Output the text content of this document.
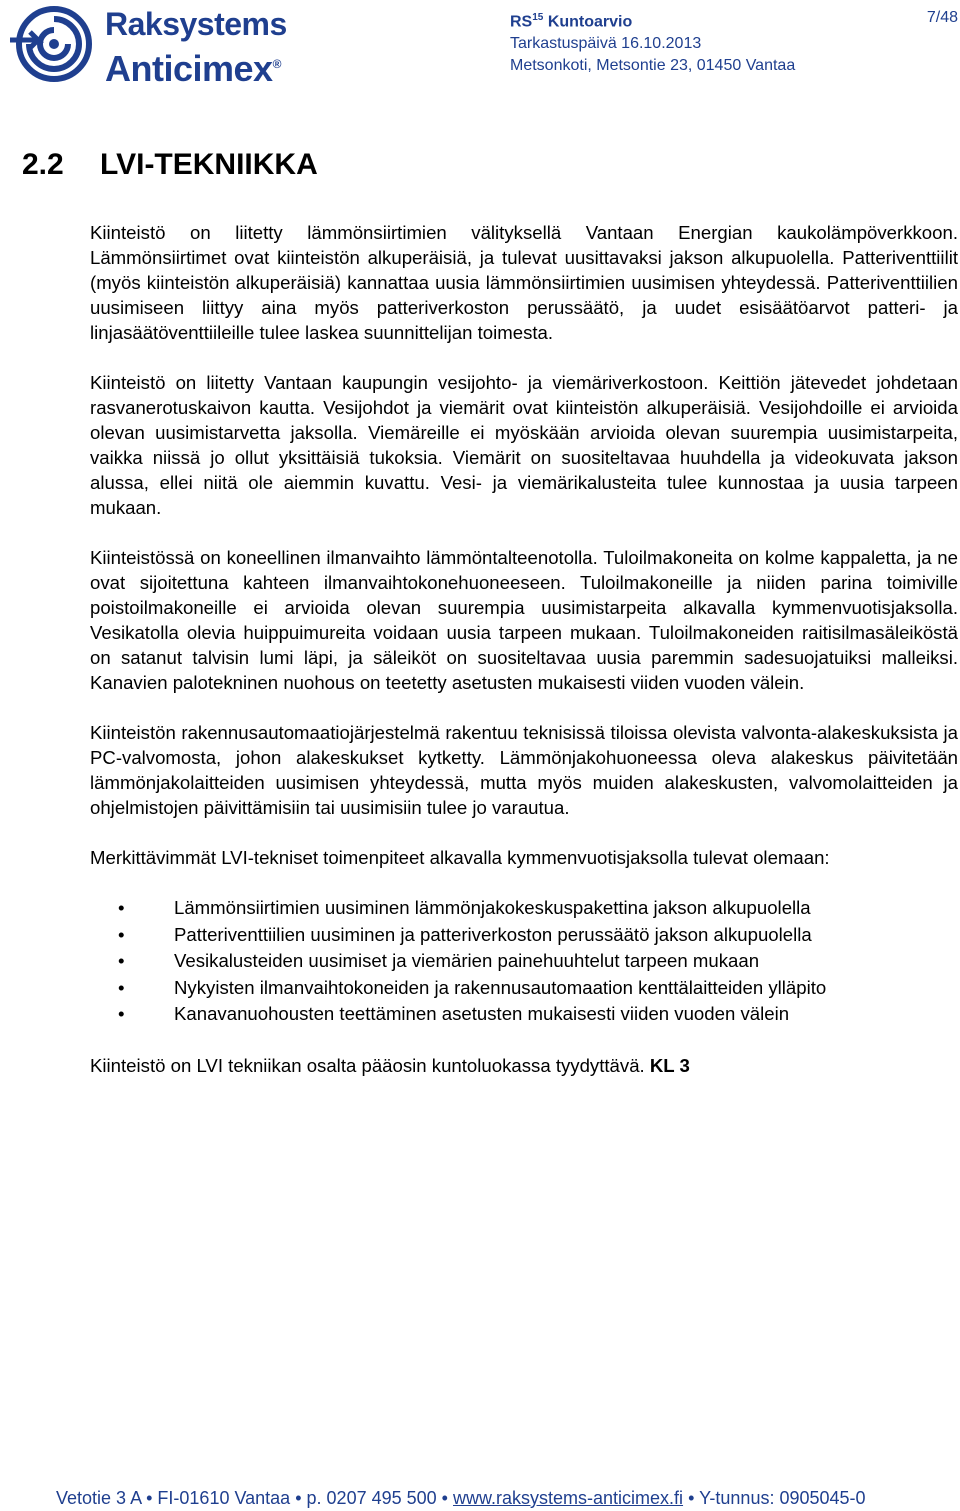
Raksystems
Anticimex®
RS$^{15}$ Kuntoarvio
Tarkastuspäivä 16.10.2013
Metsonkoti, Metsontie 23, 01450 Vantaa
7/48
2.2 LVI-TEKNIIKKA

Kiinteistö on liitetty lämmönsiirtimien välityksellä Vantaan Energian kaukolämpöverkkoon. Lämmönsiirtimet ovat kiinteistön alkuperäisiä, ja tulevat uusittavaksi jakson alkupuolella. Patteriventtiilit (myös kiinteistön alkuperäisiä) kannattaa uusia lämmönsiirtimien uusimisen yhteydessä. Patteriventtiilien uusimiseen liittyy aina myös patteriverkoston perussäätö, ja uudet esisäätöarvot patteri- ja linjasäätöventtiileille tulee laskea suunnittelijan toimesta.

Kiinteistö on liitetty Vantaan kaupungin vesijohto- ja viemäriverkostoon. Keittiön jätevedet johdetaan rasvanerotuskaivon kautta. Vesijohdot ja viemärit ovat kiinteistön alkuperäisiä. Vesijohdoille ei arvioida olevan uusimistarvetta jaksolla. Viemäreille ei myöskään arvioida olevan suurempia uusimistarpeita, vaikka niissä jo ollut yksittäisiä tukoksia. Viemärit on suositeltavaa huuhdella ja videokuvata jakson alussa, ellei niitä ole aiemmin kuvattu. Vesi- ja viemärikalusteita tulee kunnostaa ja uusia tarpeen mukaan.

Kiinteistössä on koneellinen ilmanvaihto lämmöntalteenotolla. Tuloilmakoneita on kolme kappaletta, ja ne ovat sijoitettuna kahteen ilmanvaihtokonehuoneeseen. Tuloilmakoneille ja niiden parina toimiville poistoilmakoneille ei arvioida olevan suurempia uusimistarpeita alkavalla kymmenvuotisjaksolla. Vesikatolla olevia huippuimureita voidaan uusia tarpeen mukaan. Tuloilmakoneiden raitisilmasäleiköstä on satanut talvisin lumi läpi, ja säleiköt on suositeltavaa uusia paremmin sadesuojatuiksi malleiksi. Kanavien palotekninen nuohous on teetetty asetusten mukaisesti viiden vuoden välein.

Kiinteistön rakennusautomaatiojärjestelmä rakentuu teknisissä tiloissa olevista valvonta-alakeskuksista ja PC-valvomosta, johon alakeskukset kytketty. Lämmönjakohuoneessa oleva alakeskus päivitetään lämmönjakolaitteiden uusimisen yhteydessä, mutta myös muiden alakeskusten, valvomolaitteiden ja ohjelmistojen päivittämisiin tai uusimisiin tulee jo varautua.

Merkittävimmät LVI-tekniset toimenpiteet alkavalla kymmenvuotisjaksolla tulevat olemaan:

•	Lämmönsiirtimien uusiminen lämmönjakokeskuspakettina jakson alkupuolella
•	Patteriventtiilien uusiminen ja patteriverkoston perussäätö jakson alkupuolella
•	Vesikalusteiden uusimiset ja viemärien painehuuhtelut tarpeen mukaan
•	Nykyisten ilmanvaihtokoneiden ja rakennusautomaation kenttälaitteiden ylläpito
•	Kanavanuohousten teettäminen asetusten mukaisesti viiden vuoden välein

Kiinteistö on LVI tekniikan osalta pääosin kuntoluokassa tyydyttävä. KL 3

Vetotie 3 A • FI-01610 Vantaa • p. 0207 495 500 • www.raksystems-anticimex.fi • Y-tunnus: 0905045-0
